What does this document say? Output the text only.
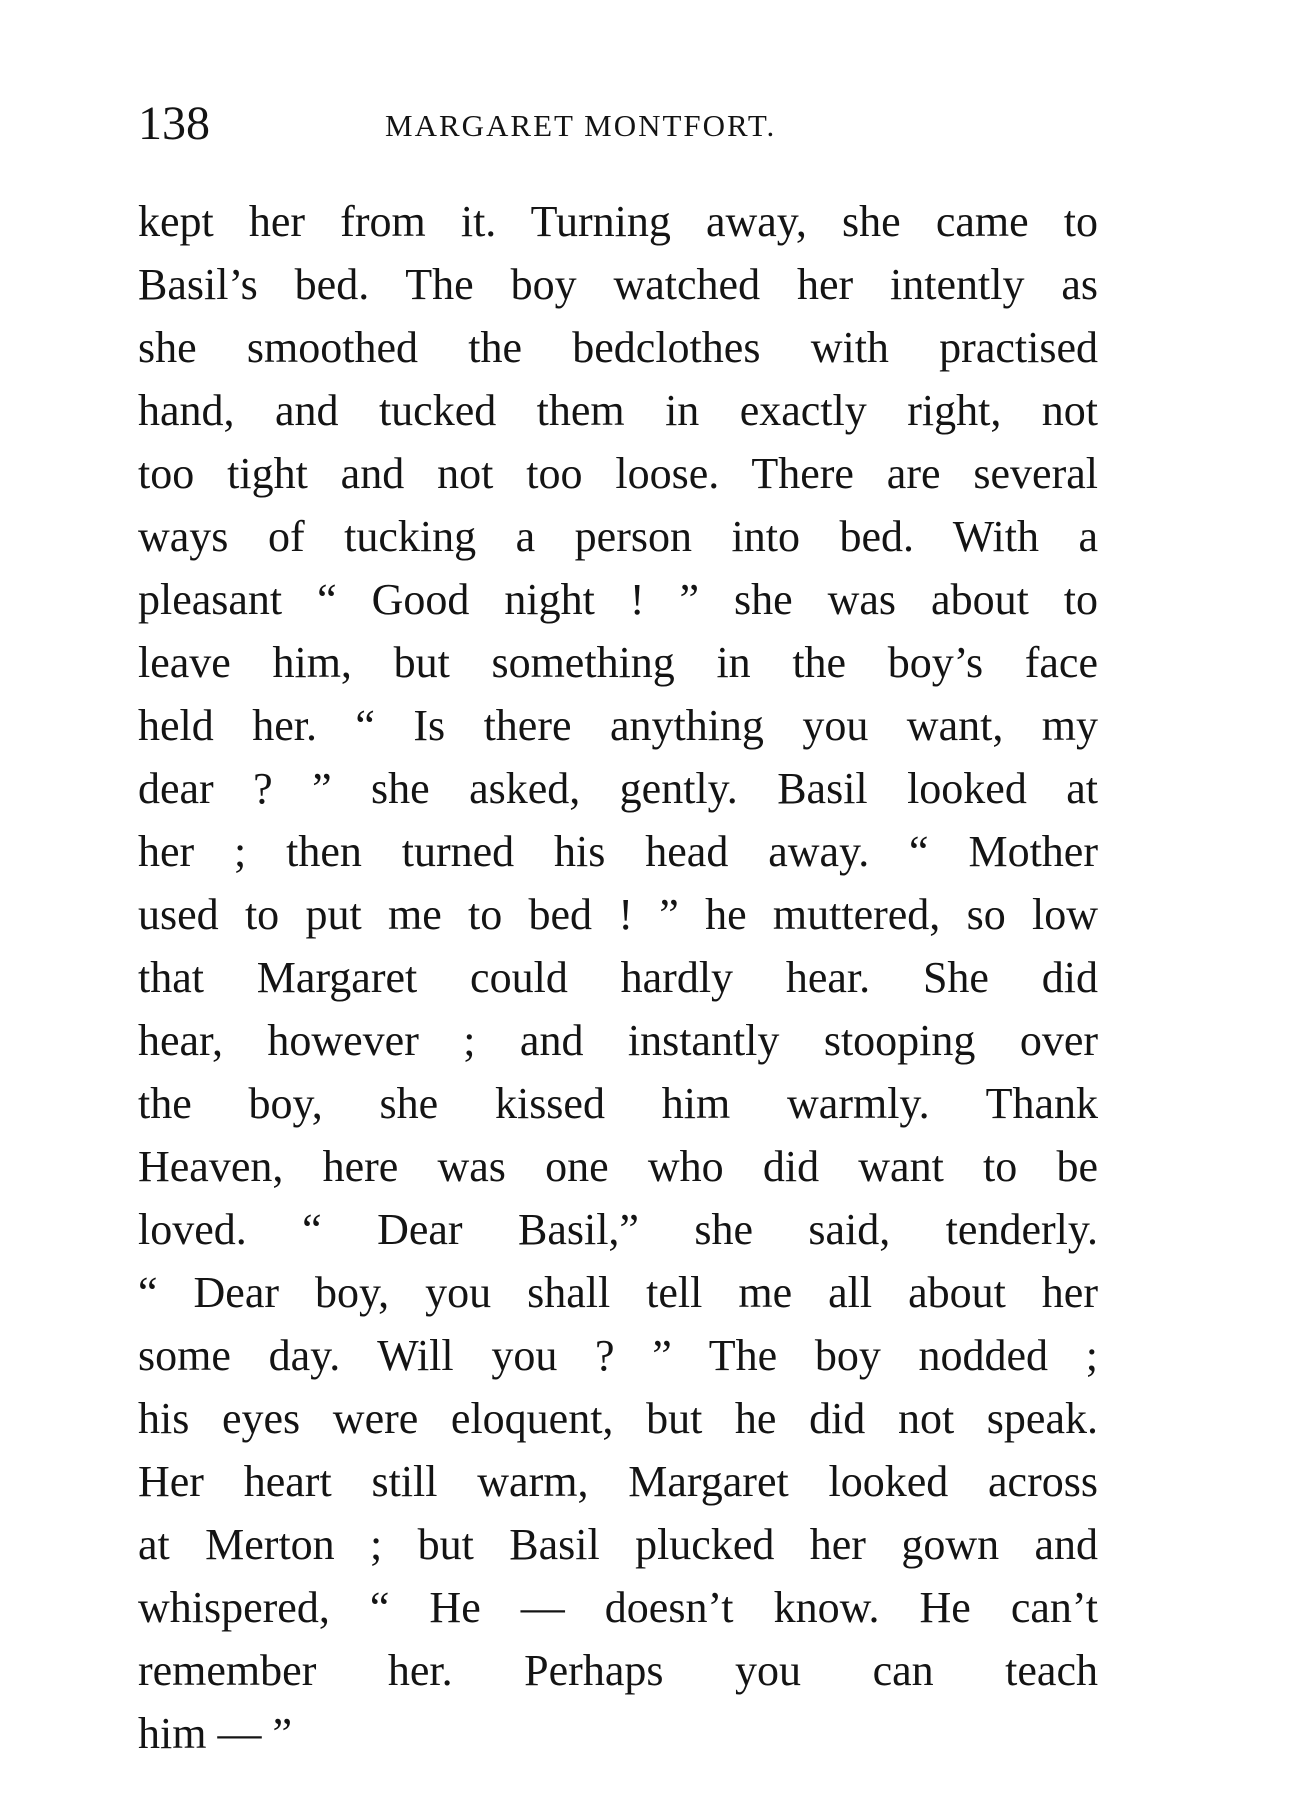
138	MARGARET MONTFORT.
kept her from it. Turning away, she came to
Basil’s bed. The boy watched her intently as
she smoothed the bedclothes with practised
hand, and tucked them in exactly right, not
too tight and not too loose. There are several
ways of tucking a person into bed. With a
pleasant “ Good night ! ” she was about to
leave him, but something in the boy’s face
held her. “ Is there anything you want, my
dear ? ” she asked, gently. Basil looked at
her ; then turned his head away. “ Mother
used to put me to bed ! ” he muttered, so low
that Margaret could hardly hear. She did
hear, however ; and instantly stooping over
the boy, she kissed him warmly. Thank
Heaven, here was one who did want to be
loved. “ Dear Basil,” she said, tenderly.
“ Dear boy, you shall tell me all about her
some day. Will you ? ” The boy nodded ;
his eyes were eloquent, but he did not speak.
Her heart still warm, Margaret looked across
at Merton ; but Basil plucked her gown and
whispered, “ He — doesn’t know. He can’t
remember her. Perhaps you can teach
him — ”
